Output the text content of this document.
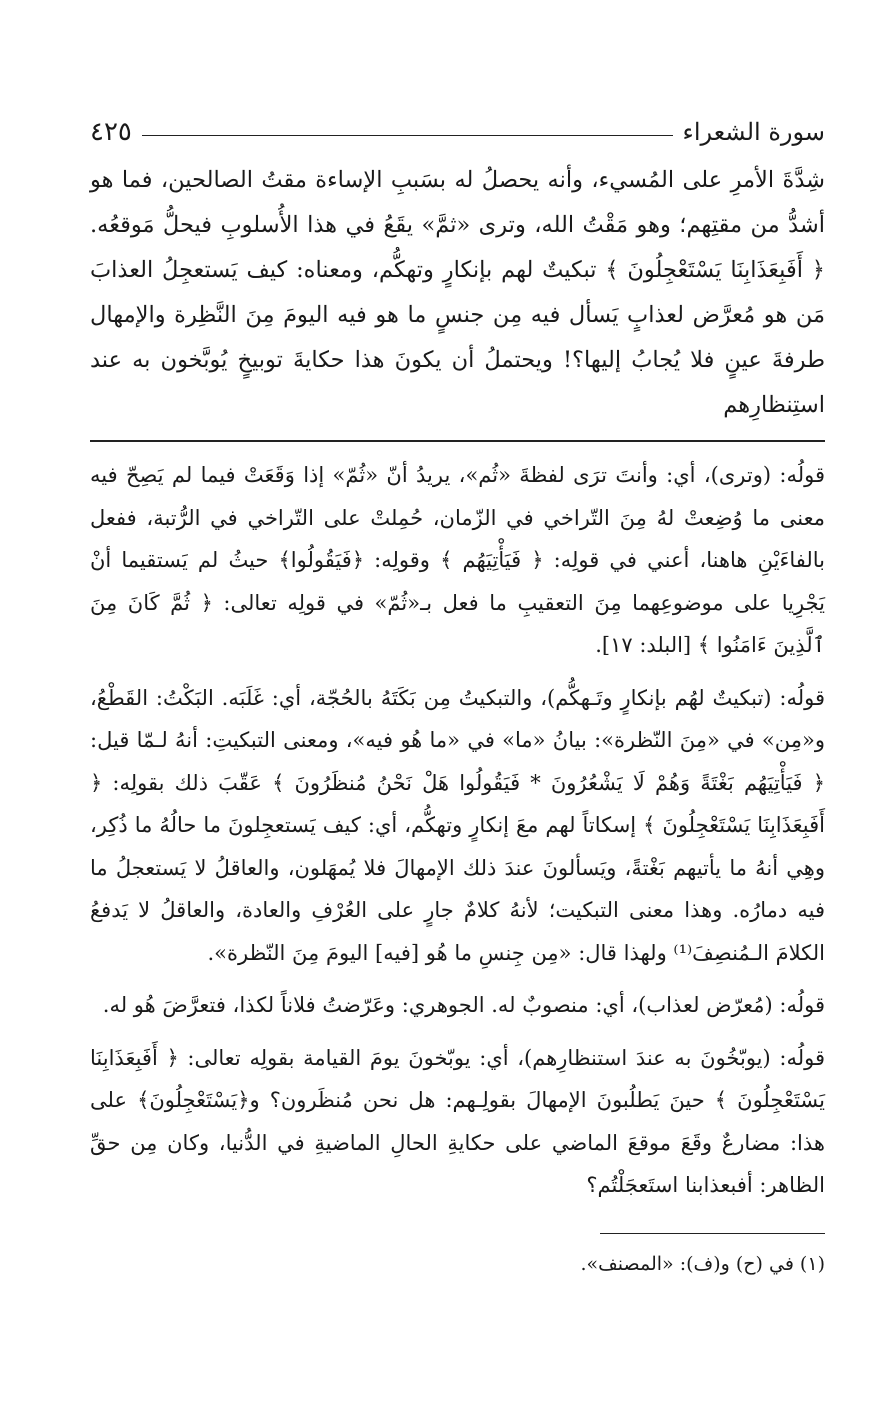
سورة الشعراء
٤٢٥

شِدَّةَ الأمرِ على المُسيء، وأنه يحصلُ له بسَببِ الإساءة مقتُ الصالحين، فما هو أشدُّ من مقتِهم؛ وهو مَقْتُ الله، وترى «ثمَّ» يقَعُ في هذا الأُسلوبِ فيحلُّ مَوقعُه. ﴿ أَفَبِعَذَابِنَا يَسْتَعْجِلُونَ ﴾ تبكيتٌ لهم بإنكارٍ وتهكُّم، ومعناه: كيف يَستعجِلُ العذابَ مَن هو مُعرَّض لعذابٍ يَسأل فيه مِن جنسٍ ما هو فيه اليومَ مِنَ النَّظِرة والإمهال طرفةَ عينٍ فلا يُجابُ إليها؟! ويحتملُ أن يكونَ هذا حكايةَ توبيخٍ يُوبَّخون به عند استِنظارِهم

قولُه: (وترى)، أي: وأنتَ ترَى لفظةَ «ثُم»، يريدُ أنّ «ثُمّ» إذا وَقَعَتْ فيما لم يَصِحّ فيه معنى ما وُضِعتْ لهُ مِنَ التّراخي في الزّمان، حُمِلتْ على التّراخي في الرُّتبة، ففعل بالفاءَيْنِ هاهنا، أعني في قولِه: ﴿ فَيَأْتِيَهُم ﴾ وقولِه: ﴿فَيَقُولُوا﴾ حيثُ لم يَستقيما أنْ يَجْرِيا على موضوعِهما مِنَ التعقيبِ ما فعل بـ«ثُمّ» في قولِه تعالى: ﴿ ثُمَّ كَانَ مِنَ ٱلَّذِينَ ءَامَنُوا ﴾ [البلد: ١٧].

قولُه: (تبكيتٌ لهُم بإنكارٍ وتَـهكُّم)، والتبكيتُ مِن بَكَتَهُ بالحُجّة، أي: غَلَبَه. البَكْتُ: القَطْعُ، و«مِن» في «مِنَ النّظرة»: بيانُ «ما» في «ما هُو فيه»، ومعنى التبكيتِ: أنهُ لـمّا قيل: ﴿ فَيَأْتِيَهُم بَغْتَةً وَهُمْ لَا يَشْعُرُونَ * فَيَقُولُوا هَلْ نَحْنُ مُنظَرُونَ ﴾ عَقّبَ ذلك بقولِه: ﴿ أَفَبِعَذَابِنَا يَسْتَعْجِلُونَ ﴾ إسكاتاً لهم معَ إنكارٍ وتهكُّم، أي: كيف يَستعجِلونَ ما حالُهُ ما ذُكِر، وهِي أنهُ ما يأتيهم بَغْتةً، ويَسألونَ عندَ ذلك الإمهالَ فلا يُمهَلون، والعاقلُ لا يَستعجلُ ما فيه دمارُه. وهذا معنى التبكيت؛ لأنهُ كلامٌ جارٍ على العُرْفِ والعادة، والعاقلُ لا يَدفعُ الكلامَ الـمُنصِفَ⁽¹⁾ ولهذا قال: «مِن جِنسِ ما هُو [فيه] اليومَ مِنَ النّظرة».

قولُه: (مُعرّض لعذاب)، أي: منصوبٌ له. الجوهري: وعَرّضتُ فلاناً لكذا، فتعرَّضَ هُو له.

قولُه: (يوبّخُونَ به عندَ استنظارِهم)، أي: يوبّخونَ يومَ القيامة بقولِه تعالى: ﴿ أَفَبِعَذَابِنَا يَسْتَعْجِلُونَ ﴾ حينَ يَطلُبونَ الإمهالَ بقولِـهم: هل نحن مُنظَرون؟ و﴿يَسْتَعْجِلُونَ﴾ على هذا: مضارعٌ وقَعَ موقعَ الماضي على حكايةِ الحالِ الماضيةِ في الدُّنيا، وكان مِن حقِّ الظاهر: أفبعذابنا استَعجَلْتُم؟

(١) في (ح) و(ف): «المصنف».
